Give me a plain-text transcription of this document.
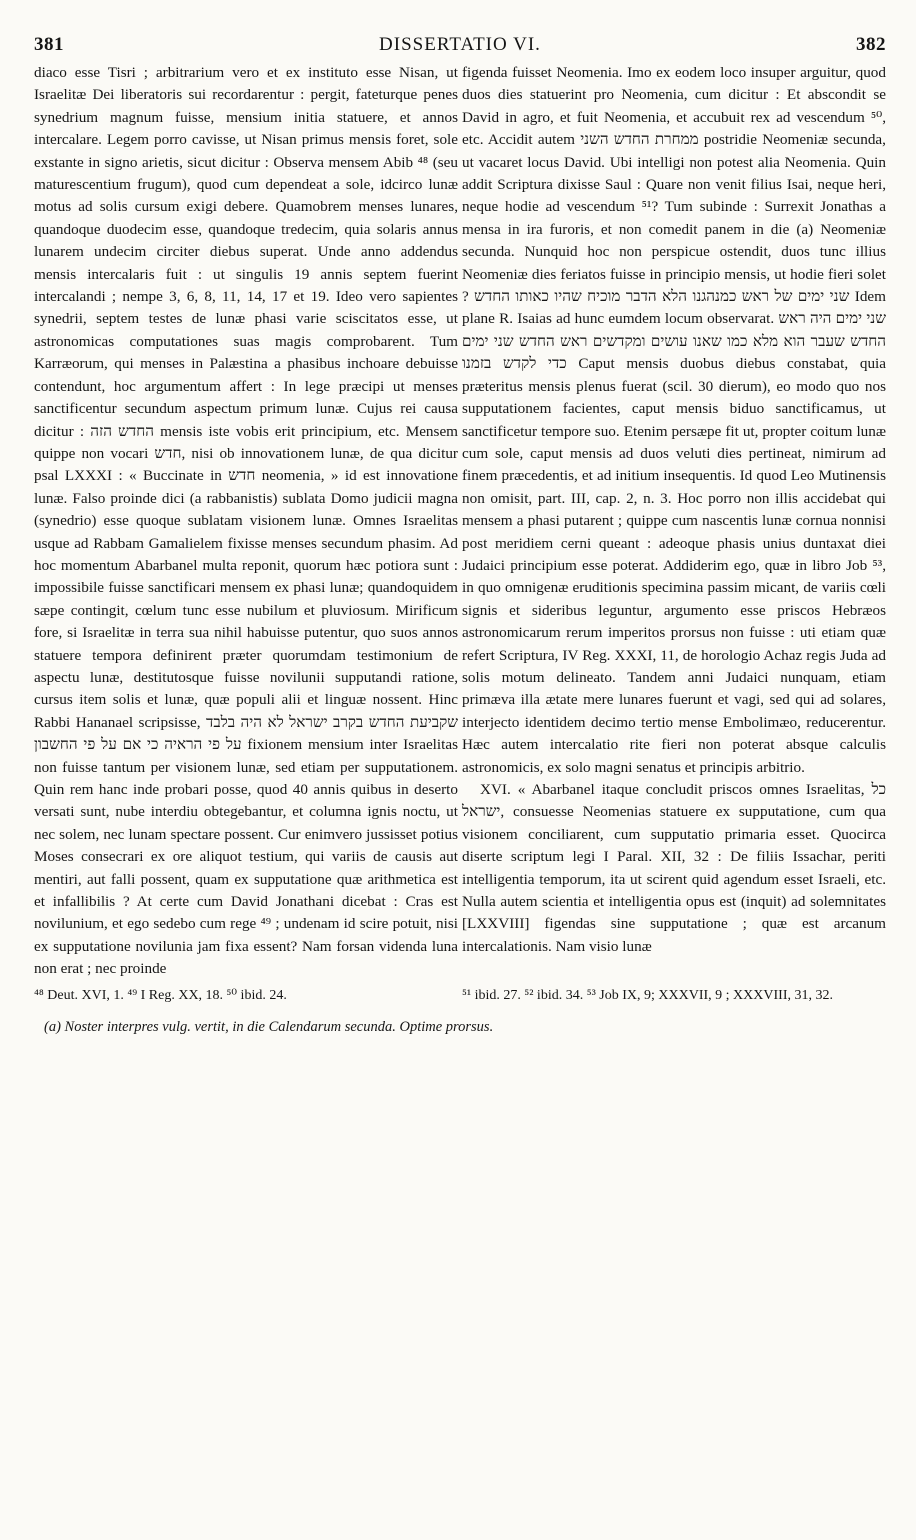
381	DISSERTATIO VI.	382

diaco esse Tisri ; arbitrarium vero et ex instituto esse Nisan, ut Israelitæ Dei liberatoris sui recordarentur : pergit, fateturque penes synedrium magnum fuisse, mensium initia statuere, et annos intercalare. Legem porro cavisse, ut Nisan primus mensis foret, sole exstante in signo arietis, sicut dicitur : Observa mensem Abib ⁴⁸ (seu maturescentium frugum), quod cum dependeat a sole, idcirco lunæ motus ad solis cursum exigi debere. Quamobrem menses lunares, quandoque duodecim esse, quandoque tredecim, quia solaris annus lunarem undecim circiter diebus superat. Unde anno addendus mensis intercalaris fuit : ut singulis 19 annis septem fuerint intercalandi ; nempe 3, 6, 8, 11, 14, 17 et 19. Ideo vero sapientes synedrii, septem testes de lunæ phasi varie sciscitatos esse, ut astronomicas computationes suas magis comprobarent. Tum Karræorum, qui menses in Palæstina a phasibus inchoare debuisse contendunt, hoc argumentum affert : In lege præcipi ut menses sanctificentur secundum aspectum primum lunæ. Cujus rei causa dicitur : החדש הזה mensis iste vobis erit principium, etc. Mensem quippe non vocari חדש, nisi ob innovationem lunæ, de qua dicitur psal LXXXI : « Buccinate in חדש neomenia, » id est innovatione lunæ. Falso proinde dici (a rabbanistis) sublata Domo judicii magna (synedrio) esse quoque sublatam visionem lunæ. Omnes Israelitas usque ad Rabbam Gamalielem fixisse menses secundum phasim. Ad hoc momentum Abarbanel multa reponit, quorum hæc potiora sunt : impossibile fuisse sanctificari mensem ex phasi lunæ; quandoquidem sæpe contingit, cœlum tunc esse nubilum et pluviosum. Mirificum fore, si Israelitæ in terra sua nihil habuisse putentur, quo suos annos statuere tempora definirent præter quorumdam testimonium de aspectu lunæ, destitutosque fuisse novilunii supputandi ratione, cursus item solis et lunæ, quæ populi alii et linguæ nossent. Hinc Rabbi Hananael scripsisse, שקביעת החדש בקרב ישראל לא היה בלבד על פי הראיה כי אם על פי החשבון fixionem mensium inter Israelitas non fuisse tantum per visionem lunæ, sed etiam per supputationem. Quin rem hanc inde probari posse, quod 40 annis quibus in deserto versati sunt, nube interdiu obtegebantur, et columna ignis noctu, ut nec solem, nec lunam spectare possent. Cur enimvero jussisset potius Moses consecrari ex ore aliquot testium, qui variis de causis aut mentiri, aut falli possent, quam ex supputatione quæ arithmetica est et infallibilis ? At certe cum David Jonathani dicebat : Cras est novilunium, et ego sedebo cum rege ⁴⁹ ; undenam id scire potuit, nisi ex supputatione novilunia jam fixa essent? Nam forsan videnda luna non erat ; nec proinde

figenda fuisset Neomenia. Imo ex eodem loco insuper arguitur, quod duos dies statuerint pro Neomenia, cum dicitur : Et abscondit se David in agro, et fuit Neomenia, et accubuit rex ad vescendum ⁵⁰, etc. Accidit autem ממחרת החדש השני postridie Neomeniæ secunda, ut vacaret locus David. Ubi intelligi non potest alia Neomenia. Quin addit Scriptura dixisse Saul : Quare non venit filius Isai, neque heri, neque hodie ad vescendum ⁵¹? Tum subinde : Surrexit Jonathas a mensa in ira furoris, et non comedit panem in die (a) Neomeniæ secunda. Nunquid hoc non perspicue ostendit, duos tunc illius Neomeniæ dies feriatos fuisse in principio mensis, ut hodie fieri solet ? שני ימים של ראש כמנהגנו הלא הדבר מוכיח שהיו כאותו החדש Idem plane R. Isaias ad hunc eumdem locum observarat. שני ימים היה ראש החדש שעבר הוא מלא כמו שאנו עושים ומקדשים ראש החדש שני ימים כדי לקדש בזמנו Caput mensis duobus diebus constabat, quia præteritus mensis plenus fuerat (scil. 30 dierum), eo modo quo nos supputationem facientes, caput mensis biduo sanctificamus, ut sanctificetur tempore suo. Etenim persæpe fit ut, propter coitum lunæ cum sole, caput mensis ad duos veluti dies pertineat, nimirum ad finem præcedentis, et ad initium insequentis. Id quod Leo Mutinensis non omisit, part. III, cap. 2, n. 3. Hoc porro non illis accidebat qui mensem a phasi putarent ; quippe cum nascentis lunæ cornua nonnisi post meridiem cerni queant : adeoque phasis unius duntaxat diei Judaici principium esse poterat. Addiderim ego, quæ in libro Job ⁵³, in quo omnigenæ eruditionis specimina passim micant, de variis cœli signis et sideribus leguntur, argumento esse priscos Hebræos astronomicarum rerum imperitos prorsus non fuisse : uti etiam quæ refert Scriptura, IV Reg. XXXI, 11, de horologio Achaz regis Juda ad solis motum delineato. Tandem anni Judaici nunquam, etiam primæva illa ætate mere lunares fuerunt et vagi, sed qui ad solares, interjecto identidem decimo tertio mense Embolimæo, reducerentur. Hæc autem intercalatio rite fieri non poterat absque calculis astronomicis, ex solo magni senatus et principis arbitrio.

XVI. « Abarbanel itaque concludit priscos omnes Israelitas, כל ישראל, consuesse Neomenias statuere ex supputatione, cum qua visionem conciliarent, cum supputatio primaria esset. Quocirca diserte scriptum legi I Paral. XII, 32 : De filiis Issachar, periti intelligentia temporum, ita ut scirent quid agendum esset Israeli, etc. Nulla autem scientia et intelligentia opus est (inquit) ad solemnitates [LXXVIII] figendas sine supputatione ; quæ est arcanum intercalationis. Nam visio lunæ

⁴⁸ Deut. XVI, 1. ⁴⁹ I Reg. XX, 18. ⁵⁰ ibid. 24.	⁵¹ ibid. 27. ⁵² ibid. 34. ⁵³ Job IX, 9; XXXVII, 9 ; XXXVIII, 31, 32.
(a) Noster interpres vulg. vertit, in die Calendarum secunda. Optime prorsus.
